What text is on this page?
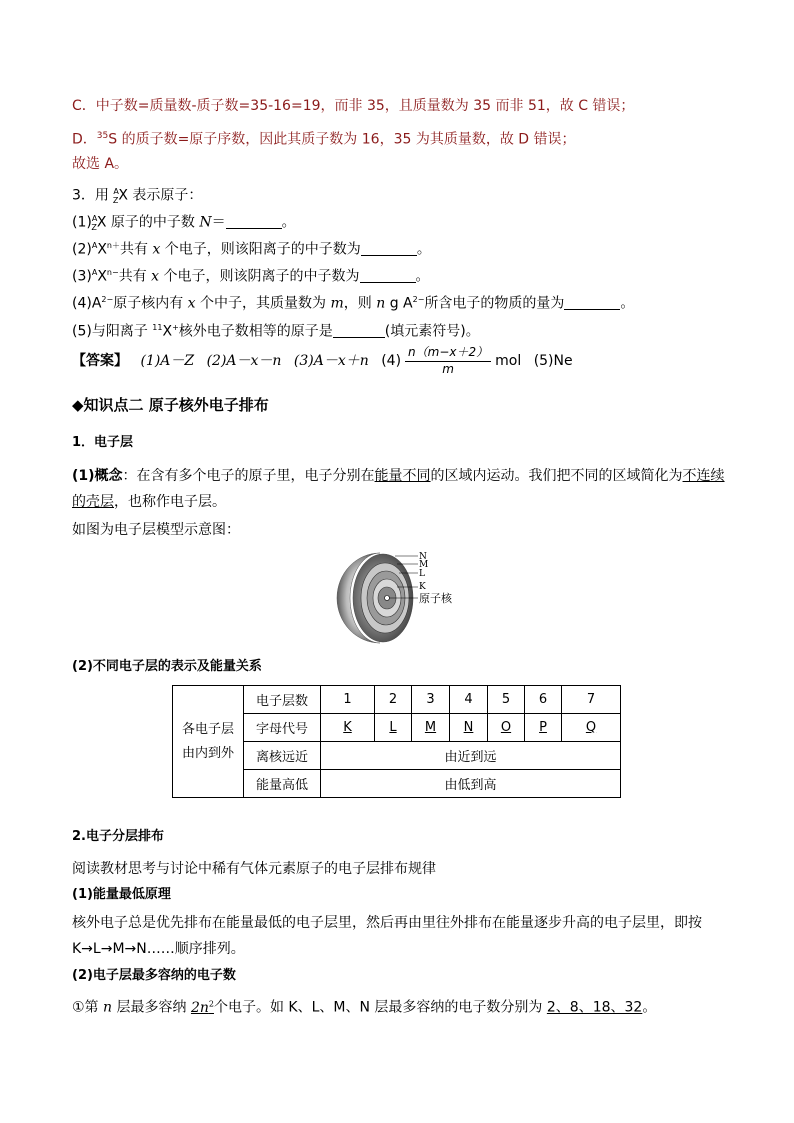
C．中子数=质量数-质子数=35-16=19，而非 35，且质量数为 35 而非 51，故 C 错误；
D．$^{35}$S 的质子数=原子序数，因此其质子数为 16，35 为其质量数，故 D 错误；
故选 A。
3．用 $^A_Z$X 表示原子：
$(1)^A_ZX$ 原子的中子数 N＝	。
$(2)^AX^{n+}$共有 x 个电子，则该阳离子的中子数为	。
$(3)^AX^{n-}$共有 x 个电子，则该阴离子的中子数为	。
$(4)A^{2-}$原子核内有 x 个中子，其质量数为 m，则 n g $A^{2-}$所含电子的物质的量为	。
(5)与阳离子 $^{11}$X+核外电子数相等的原子是	(填元素符号)。
【答案】 (1)A－Z (2)A－x－n (3)A－x＋n $(4) \frac{n(m-x+2)}{m}$ mol (5)Ne
◆知识点二 原子核外电子排布
1．电子层
(1)概念：在含有多个电子的原子里，电子分别在能量不同的区域内运动。我们把不同的区域简化为不连续
的壳层，也称作电子层。
如图为电子层模型示意图：
N
M
L
K
原子核
(2)不同电子层的表示及能量关系
各电子层
由内到外	电子层数	1	2	3	4	5	6	7
	字母代号	K	L	M	N	O	P	Q
	离核远近	由近到远						
	能量高低	由低到高						
2.电子分层排布
阅读教材思考与讨论中稀有气体元素原子的电子层排布规律
(1)能量最低原理
核外电子总是优先排布在能量最低的电子层里，然后再由里往外排布在能量逐步升高的电子层里，即按
K→L→M→N……顺序排列。
(2)电子层最多容纳的电子数
①第 n 层最多容纳 $2n^2$个电子。如 K、L、M、N 层最多容纳的电子数分别为 2、8、18、32。
